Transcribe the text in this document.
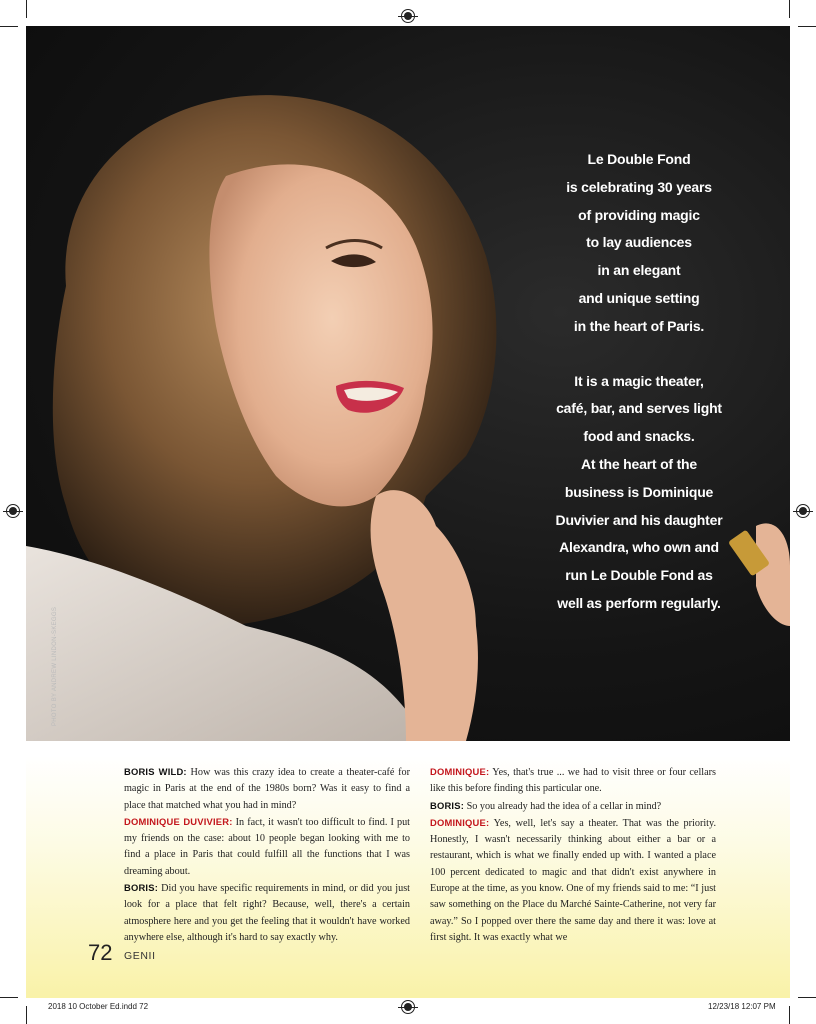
Le Double Fond

is celebrating 30 years

of providing magic

to lay audiences

in an elegant

and unique setting

in the heart of Paris.

It is a magic theater,

café, bar, and serves light

food and snacks.

At the heart of the

business is Dominique

Duvivier and his daughter

Alexandra, who own and

run Le Double Fond as

well as perform regularly.

PHOTO BY ANDREW LINDON-SKEGGS

BORIS WILD: How was this crazy idea to create a theater-café for magic in Paris at the end of the 1980s born? Was it easy to find a place that matched what you had in mind?

DOMINIQUE DUVIVIER: In fact, it wasn't too difficult to find. I put my friends on the case: about 10 people began looking with me to find a place in Paris that could fulfill all the functions that I was dreaming about.

BORIS: Did you have specific requirements in mind, or did you just look for a place that felt right? Because, well, there's a certain atmosphere here and you get the feeling that it wouldn't have worked anywhere else, although it's hard to say exactly why.

DOMINIQUE: Yes, that's true ... we had to visit three or four cellars like this before finding this particular one.

BORIS: So you already had the idea of a cellar in mind?

DOMINIQUE: Yes, well, let's say a theater. That was the priority. Honestly, I wasn't necessarily thinking about either a bar or a restaurant, which is what we finally ended up with. I wanted a place 100 percent dedicated to magic and that didn't exist anywhere in Europe at the time, as you know. One of my friends said to me: “I just saw something on the Place du Marché Sainte-Catherine, not very far away.” So I popped over there the same day and there it was: love at first sight. It was exactly what we

72 GENII
2018 10 October Ed.indd 72	12/23/18 12:07 PM
